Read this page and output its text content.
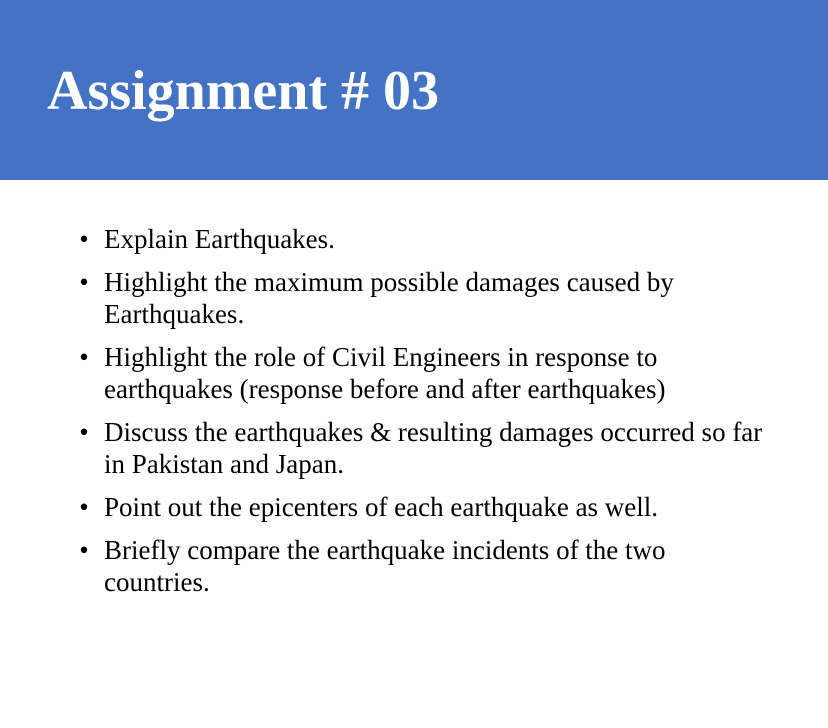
Assignment # 03
• Explain Earthquakes.
• Highlight the maximum possible damages caused by Earthquakes.
• Highlight the role of Civil Engineers in response to earthquakes (response before and after earthquakes)
• Discuss the earthquakes & resulting damages occurred so far in Pakistan and Japan.
• Point out the epicenters of each earthquake as well.
• Briefly compare the earthquake incidents of the two countries.
